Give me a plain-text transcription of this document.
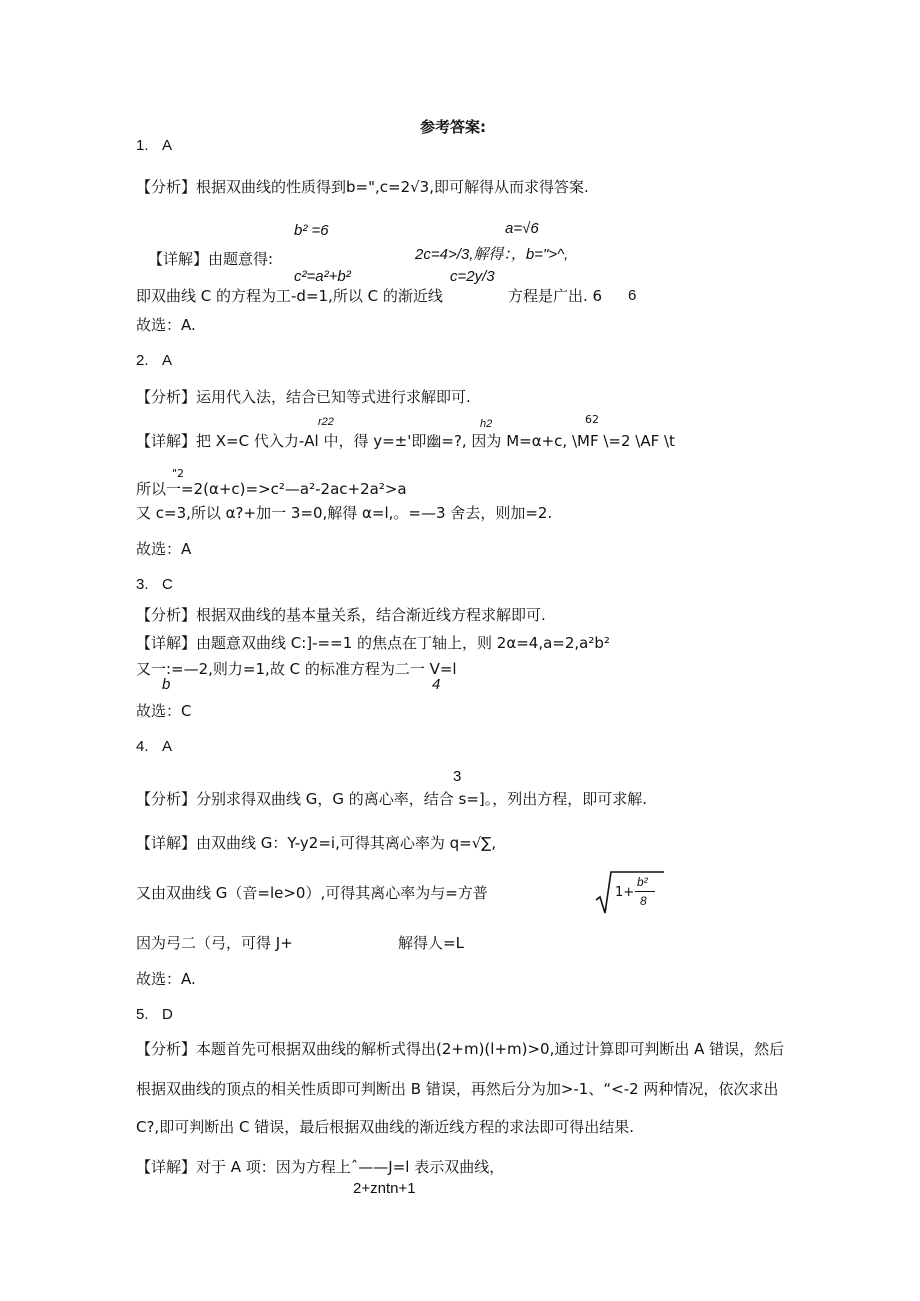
参考答案:
1. A
【分析】根据双曲线的性质得到b=",c=2√3,即可解得从而求得答案.
b² =6	a=√6
【详解】由题意得:	2c=4>/3,解得：，b=">^,
c²=a²+b²	c=2y/3
即双曲线 C 的方程为工-d=1,所以 C 的渐近线	方程是广出. 6 6
故选：A.
2. A
【分析】运用代入法，结合已知等式进行求解即可.
r22	h2	62
【详解】把 X=C 代入力-Al 中，得 y=±'即幽=?, 因为 M=α+c, \MF \=2 \AF \t
"2
所以一=2(α+c)=>c²—a²-2ac+2a²>a
又 c=3,所以 α?+加一 3=0,解得 α=l,。=—3 舍去，则加=2.
故选：A
3. C
【分析】根据双曲线的基本量关系，结合渐近线方程求解即可.
【详解】由题意双曲线 C:]-==1 的焦点在丁轴上，则 2α=4,a=2,a²b²
又一:=—2,则力=1,故 C 的标准方程为二一 V=l
b	4
故选：C
4. A
3
【分析】分别求得双曲线 G，G 的离心率，结合 s=]。，列出方程，即可求解.
【详解】由双曲线 G：Y-y2=i,可得其离心率为 q=√∑,
又由双曲线 G（音=le>0）,可得其离心率为与=方普	1+
b²
8
因为弓二（弓，可得 J+	解得人=L
故选：A.
5. D
【分析】本题首先可根据双曲线的解析式得出(2+m)(l+m)>0,通过计算即可判断出 A 错误，然后
根据双曲线的顶点的相关性质即可判断出 B 错误，再然后分为加>-1、“<-2 两种情况，依次求出
C?,即可判断出 C 错误，最后根据双曲线的渐近线方程的求法即可得出结果.
【详解】对于 A 项：因为方程上ˆ——J=l 表示双曲线，
2+zntn+1
